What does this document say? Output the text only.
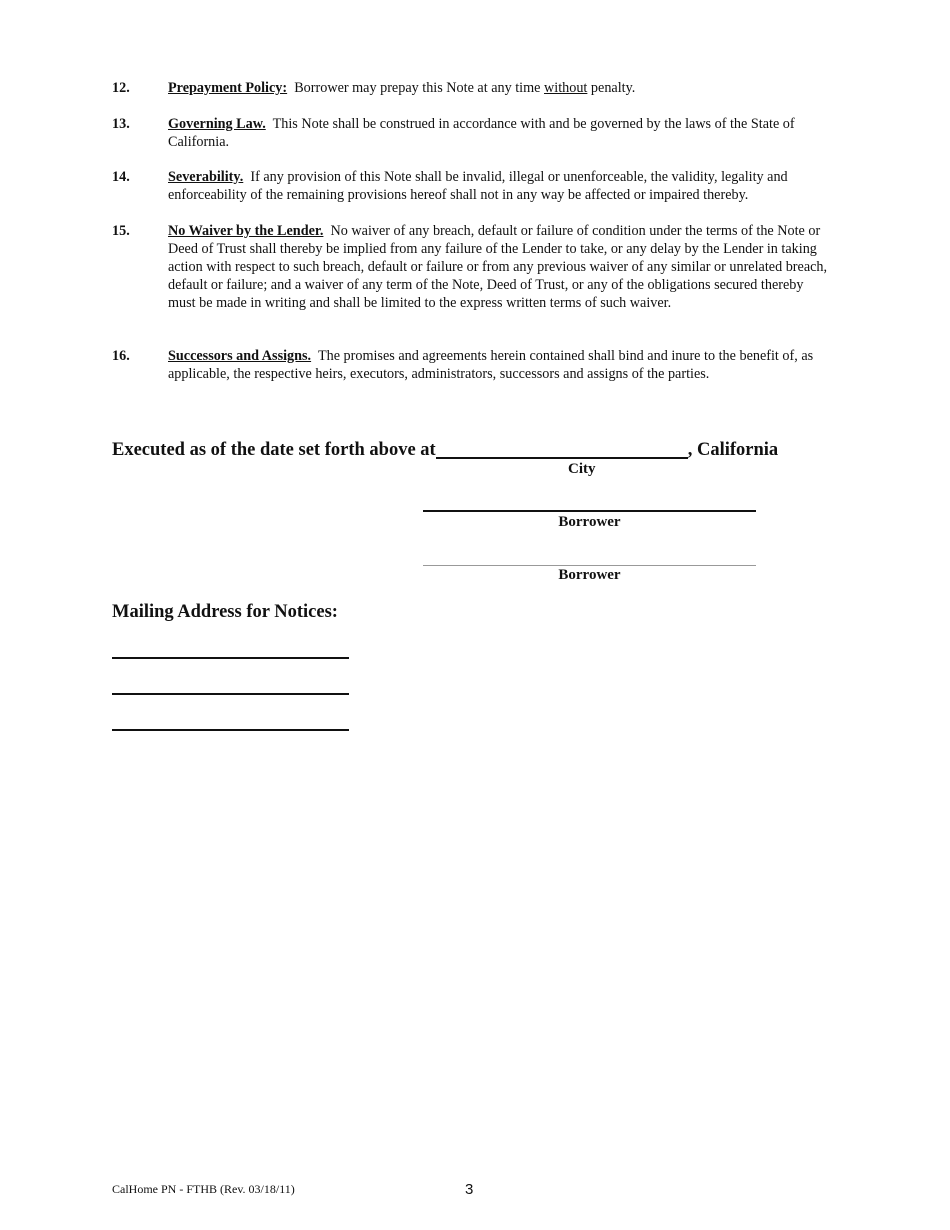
12.	Prepayment Policy: Borrower may prepay this Note at any time without penalty.
13.	Governing Law. This Note shall be construed in accordance with and be governed by the laws of the State of California.
14.	Severability. If any provision of this Note shall be invalid, illegal or unenforceable, the validity, legality and enforceability of the remaining provisions hereof shall not in any way be affected or impaired thereby.
15.	No Waiver by the Lender. No waiver of any breach, default or failure of condition under the terms of the Note or Deed of Trust shall thereby be implied from any failure of the Lender to take, or any delay by the Lender in taking action with respect to such breach, default or failure or from any previous waiver of any similar or unrelated breach, default or failure; and a waiver of any term of the Note, Deed of Trust, or any of the obligations secured thereby must be made in writing and shall be limited to the express written terms of such waiver.
16.	Successors and Assigns. The promises and agreements herein contained shall bind and inure to the benefit of, as applicable, the respective heirs, executors, administrators, successors and assigns of the parties.
Executed as of the date set forth above at	, California
City
Borrower
Borrower
Mailing Address for Notices:
CalHome PN - FTHB (Rev. 03/18/11)	3
